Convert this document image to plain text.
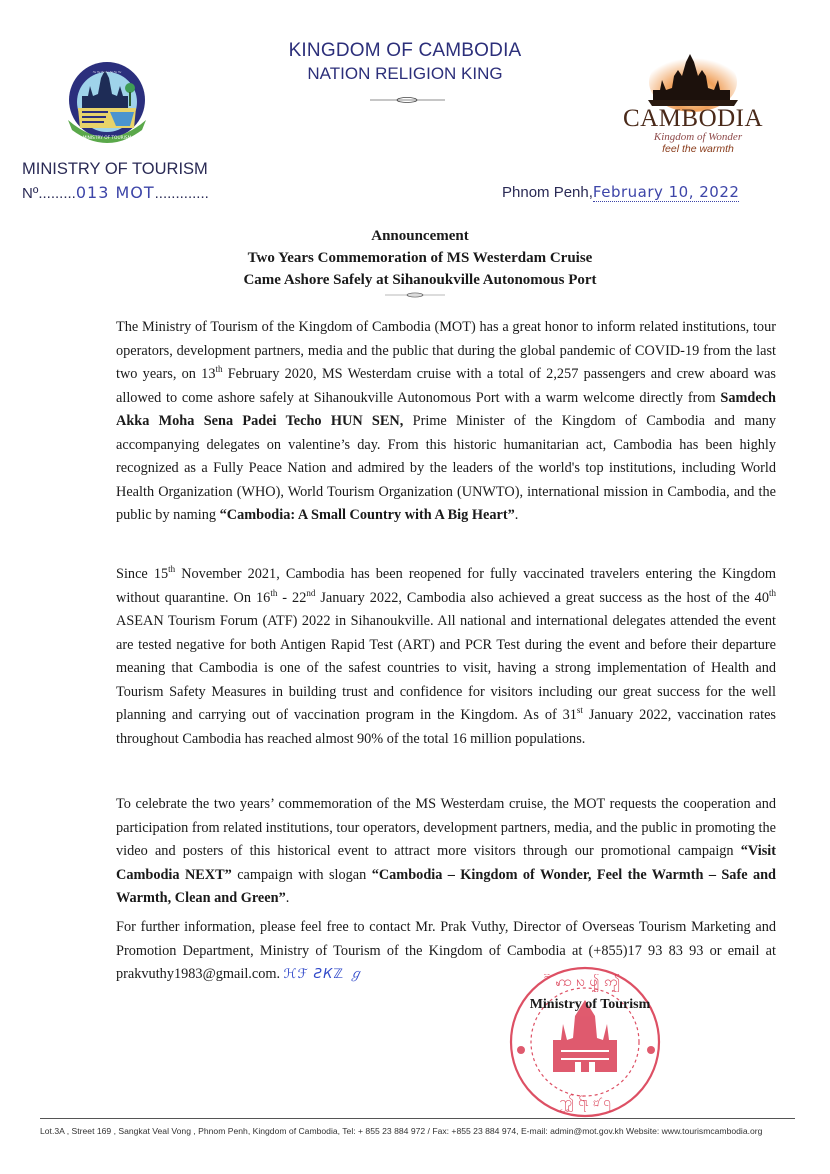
KINGDOM OF CAMBODIA
NATION RELIGION KING
~~~~~~~
MINISTRY OF TOURISM
CAMBODIA
Kingdom of Wonder
feel the warmth
MINISTRY OF TOURISM
Nº.........013 MOT.............	Phnom Penh,February 10, 2022
Announcement
Two Years Commemoration of MS Westerdam Cruise
Came Ashore Safely at Sihanoukville Autonomous Port
The Ministry of Tourism of the Kingdom of Cambodia (MOT) has a great honor to inform related institutions, tour operators, development partners, media and the public that during the global pandemic of COVID-19 from the last two years, on 13th February 2020, MS Westerdam cruise with a total of 2,257 passengers and crew aboard was allowed to come ashore safely at Sihanoukville Autonomous Port with a warm welcome directly from Samdech Akka Moha Sena Padei Techo HUN SEN, Prime Minister of the Kingdom of Cambodia and many accompanying delegates on valentine’s day. From this historic humanitarian act, Cambodia has been highly recognized as a Fully Peace Nation and admired by the leaders of the world's top institutions, including World Health Organization (WHO), World Tourism Organization (UNWTO), international mission in Cambodia, and the public by naming “Cambodia: A Small Country with A Big Heart”.
Since 15th November 2021, Cambodia has been reopened for fully vaccinated travelers entering the Kingdom without quarantine. On 16th - 22nd January 2022, Cambodia also achieved a great success as the host of the 40th ASEAN Tourism Forum (ATF) 2022 in Sihanoukville. All national and international delegates attended the event are tested negative for both Antigen Rapid Test (ART) and PCR Test during the event and before their departure meaning that Cambodia is one of the safest countries to visit, having a strong implementation of Health and Tourism Safety Measures in building trust and confidence for visitors including our great success for the well planning and carrying out of vaccination program in the Kingdom. As of 31st January 2022, vaccination rates throughout Cambodia has reached almost 90% of the total 16 million populations.
To celebrate the two years’ commemoration of the MS Westerdam cruise, the MOT requests the cooperation and participation from related institutions, tour operators, development partners, media, and the public in promoting the video and posters of this historical event to attract more visitors through our promotional campaign “Visit Cambodia NEXT” campaign with slogan “Cambodia – Kingdom of Wonder, Feel the Warmth – Safe and Warmth, Clean and Green”.
For further information, please feel free to contact Mr. Prak Vuthy, Director of Overseas Tourism Marketing and Promotion Department, Ministry of Tourism of the Kingdom of Cambodia at (+855)17 93 83 93 or email at prakvuthy1983@gmail.com. ℋℱ ƧКℤ ℊ	ꩰ ꩲ ꩳ ꩴ ꩵ
ꩶ ꩷ ꩸ ꩹
Ministry of Tourism
Lot.3A , Street 169 , Sangkat Veal Vong , Phnom Penh, Kingdom of Cambodia, Tel: + 855 23 884 972 / Fax: +855 23 884 974, E-mail: admin@mot.gov.kh Website: www.tourismcambodia.org
